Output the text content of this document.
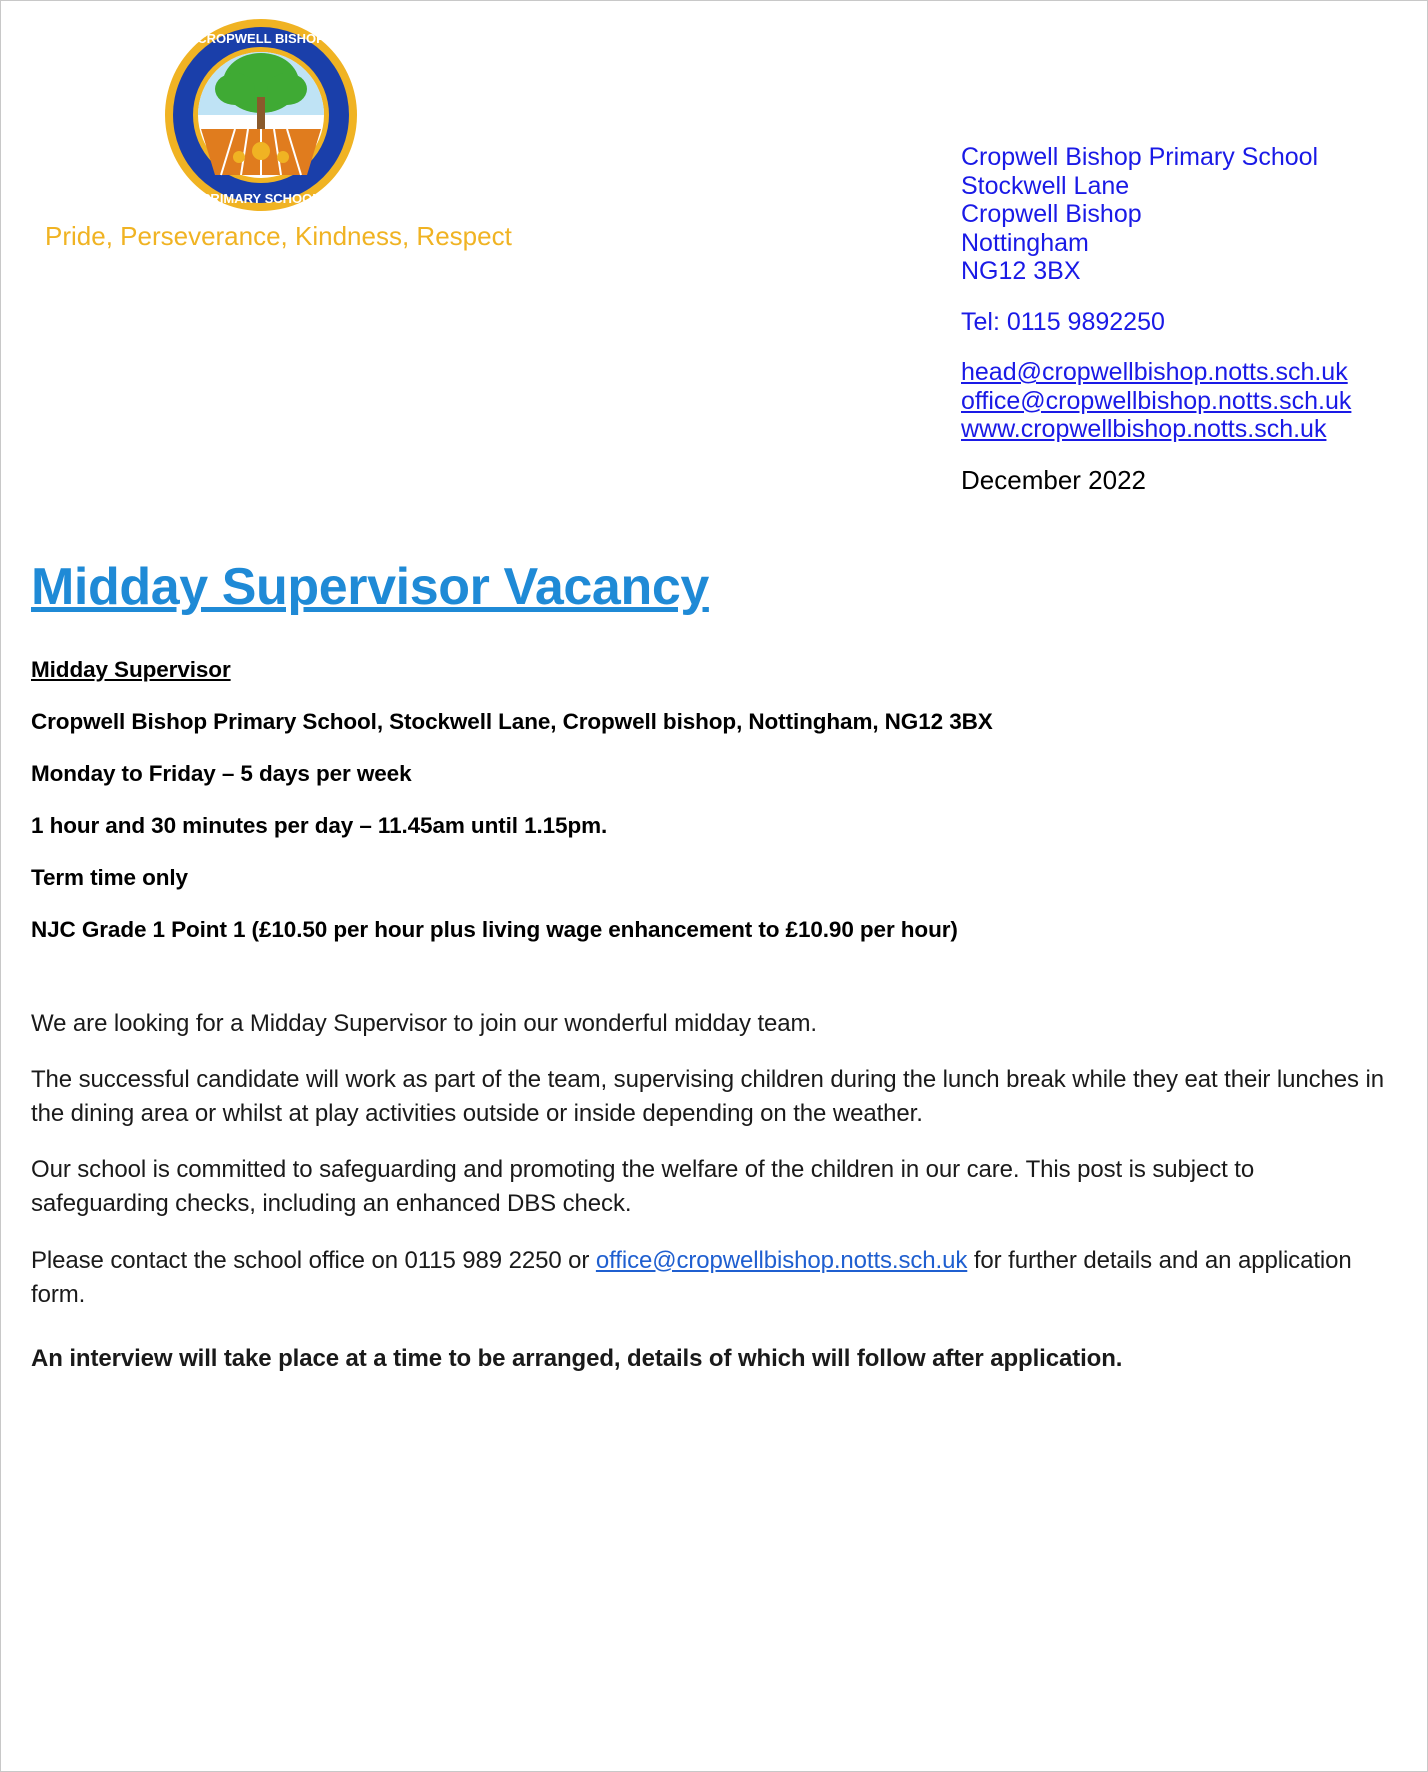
CROPWELL BISHOP
PRIMARY SCHOOL
Pride, Perseverance, Kindness, Respect
Cropwell Bishop Primary School
Stockwell Lane
Cropwell Bishop
Nottingham
NG12 3BX
Tel: 0115 9892250
head@cropwellbishop.notts.sch.uk
office@cropwellbishop.notts.sch.uk
www.cropwellbishop.notts.sch.uk
December 2022
Midday Supervisor Vacancy
Midday Supervisor
Cropwell Bishop Primary School, Stockwell Lane, Cropwell bishop, Nottingham, NG12 3BX
Monday to Friday – 5 days per week
1 hour and 30 minutes per day – 11.45am until 1.15pm.
Term time only
NJC Grade 1 Point 1 (£10.50 per hour plus living wage enhancement to £10.90 per hour)

We are looking for a Midday Supervisor to join our wonderful midday team.

The successful candidate will work as part of the team, supervising children during the lunch break while they eat their lunches in the dining area or whilst at play activities outside or inside depending on the weather.

Our school is committed to safeguarding and promoting the welfare of the children in our care. This post is subject to safeguarding checks, including an enhanced DBS check.

Please contact the school office on 0115 989 2250 or office@cropwellbishop.notts.sch.uk for further details and an application form.

An interview will take place at a time to be arranged, details of which will follow after application.
